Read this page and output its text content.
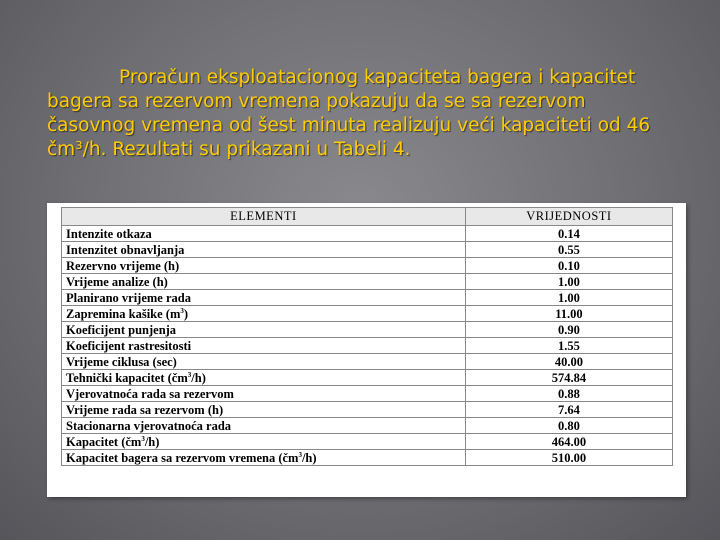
Proračun eksploatacionog kapaciteta bagera i kapacitet bagera sa rezervom vremena pokazuju da se sa rezervom časovnog vremena od šest minuta realizuju veći kapaciteti od 46 čm³/h. Rezultati su prikazani u Tabeli 4.

ELEMENTI	VRIJEDNOSTI
Intenzite otkaza	0.14
Intenzitet obnavljanja	0.55
Rezervno vrijeme (h)	0.10
Vrijeme analize (h)	1.00
Planirano vrijeme rada	1.00
Zapremina kašike $(m^3)$	11.00
Koeficijent punjenja	0.90
Koeficijent rastresitosti	1.55
Vrijeme ciklusa (sec)	40.00
Tehnički kapacitet $(čm^3/h)$	574.84
Vjerovatnoća rada sa rezervom	0.88
Vrijeme rada sa rezervom (h)	7.64
Stacionarna vjerovatnoća rada	0.80
Kapacitet $(čm^3/h)$	464.00
Kapacitet bagera sa rezervom vremena $(čm^3/h)$	510.00
